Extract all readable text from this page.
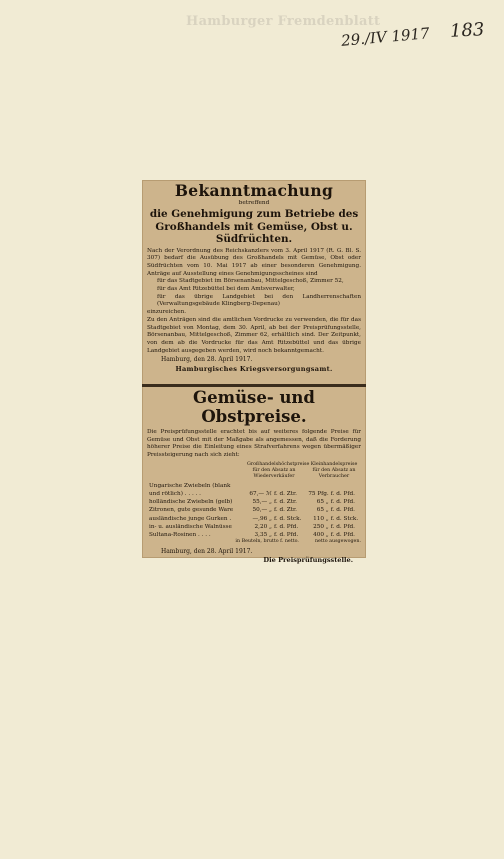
Hamburger Fremdenblatt
29./IV 1917 183
Bekanntmachung
betreffend
die Genehmigung zum Betriebe des Großhandels mit Gemüse, Obst u. Südfrüchten.

Nach der Verordnung des Reichskanzlers vom 3. April 1917 (R. G. Bl. S. 307) bedarf die Ausübung des Großhandels mit Gemüse, Obst oder Südfrüchten vom 10. Mai 1917 ab einer besonderen Genehmigung. Anträge auf Ausstellung eines Genehmigungsscheines sind

für das Stadtgebiet im Börsenanbau, Mittelgeschoß, Zimmer 52,

für das Amt Ritzebüttel bei dem Amtsverwalter,

für das übrige Landgebiet bei den Landherrenschaften (Verwaltungsgebäude Klingberg-Depenau)

einzureichen.

Zu den Anträgen sind die amtlichen Vordrucke zu verwenden, die für das Stadtgebiet von Montag, dem 30. April, ab bei der Preisprüfungsstelle, Börsenanbau, Mittelgeschoß, Zimmer 62, erhältlich sind. Der Zeitpunkt, von dem ab die Vordrucke für das Amt Ritzebüttel und das übrige Landgebiet ausgegeben werden, wird noch bekanntgemacht.

Hamburg, den 28. April 1917.
Hamburgisches Kriegsversorgungsamt.
Gemüse- und Obstpreise.

Die Preisprüfungsstelle erachtet bis auf weiteres folgende Preise für Gemüse und Obst mit der Maßgabe als angemessen, daß die Forderung höherer Preise die Einleitung eines Strafverfahrens wegen übermäßiger Preissteigerung nach sich zieht:

Großhandelshöchstpreise für den Absatz an Wiederverkäufer
Kleinhandelspreise für den Absatz an Verbraucher
Ungarische Zwiebeln (blank				
und rötlich) . . . . .	67,— ℳ	f. d. Ztr.	75 Pfg.	f. d. Pfd.
holländische Zwiebeln (gelb)	55,— „	f. d. Ztr.	65 „	f. d. Pfd.
Zitronen, gute gesunde Ware	50,— „	f. d. Ztr.	65 „	f. d. Pfd.
ausländische junge Gurken .	—,96 „	f. d. Stck.	110 „	f. d. Stck.
in- u. ausländische Walnüsse	2,20 „	f. d. Pfd.	250 „	f. d. Pfd.
Sultana-Rosinen . . . .	3,35 „	f. d. Pfd.	400 „	f. d. Pfd.
in Beuteln, brutto f. netto.	netto ausgewogen.
Hamburg, den 28. April 1917.
Die Preisprüfungsstelle.
